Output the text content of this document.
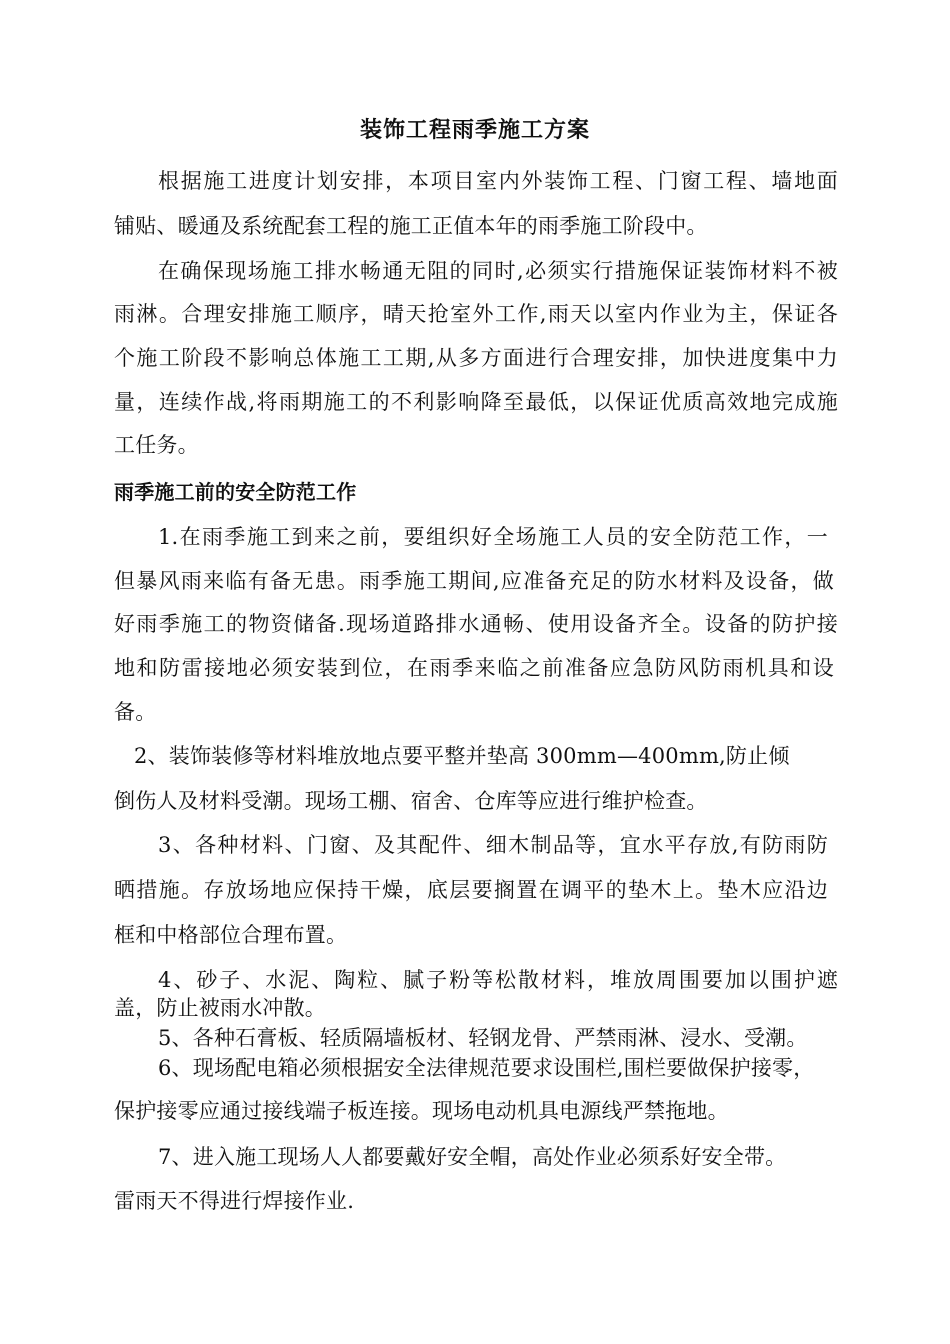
装饰工程雨季施工方案
根据施工进度计划安排，本项目室内外装饰工程、门窗工程、墙地面
铺贴、暖通及系统配套工程的施工正值本年的雨季施工阶段中。
在确保现场施工排水畅通无阻的同时,必须实行措施保证装饰材料不被
雨淋。合理安排施工顺序，晴天抢室外工作,雨天以室内作业为主，保证各
个施工阶段不影响总体施工工期,从多方面进行合理安排，加快进度集中力
量，连续作战,将雨期施工的不利影响降至最低，以保证优质高效地完成施
工任务。
雨季施工前的安全防范工作
1.在雨季施工到来之前，要组织好全场施工人员的安全防范工作，一
但暴风雨来临有备无患。雨季施工期间,应准备充足的防水材料及设备，做
好雨季施工的物资储备.现场道路排水通畅、使用设备齐全。设备的防护接
地和防雷接地必须安装到位，在雨季来临之前准备应急防风防雨机具和设
备。
2、装饰装修等材料堆放地点要平整并垫高 300mm—400mm,防止倾
倒伤人及材料受潮。现场工棚、宿舍、仓库等应进行维护检查。
3、各种材料、门窗、及其配件、细木制品等，宜水平存放,有防雨防
晒措施。存放场地应保持干燥，底层要搁置在调平的垫木上。垫木应沿边
框和中格部位合理布置。
4、砂子、水泥、陶粒、腻子粉等松散材料，堆放周围要加以围护遮
盖，防止被雨水冲散。
5、各种石膏板、轻质隔墙板材、轻钢龙骨、严禁雨淋、浸水、受潮。
6、现场配电箱必须根据安全法律规范要求设围栏,围栏要做保护接零，
保护接零应通过接线端子板连接。现场电动机具电源线严禁拖地。
7、进入施工现场人人都要戴好安全帽，高处作业必须系好安全带。
雷雨天不得进行焊接作业.
